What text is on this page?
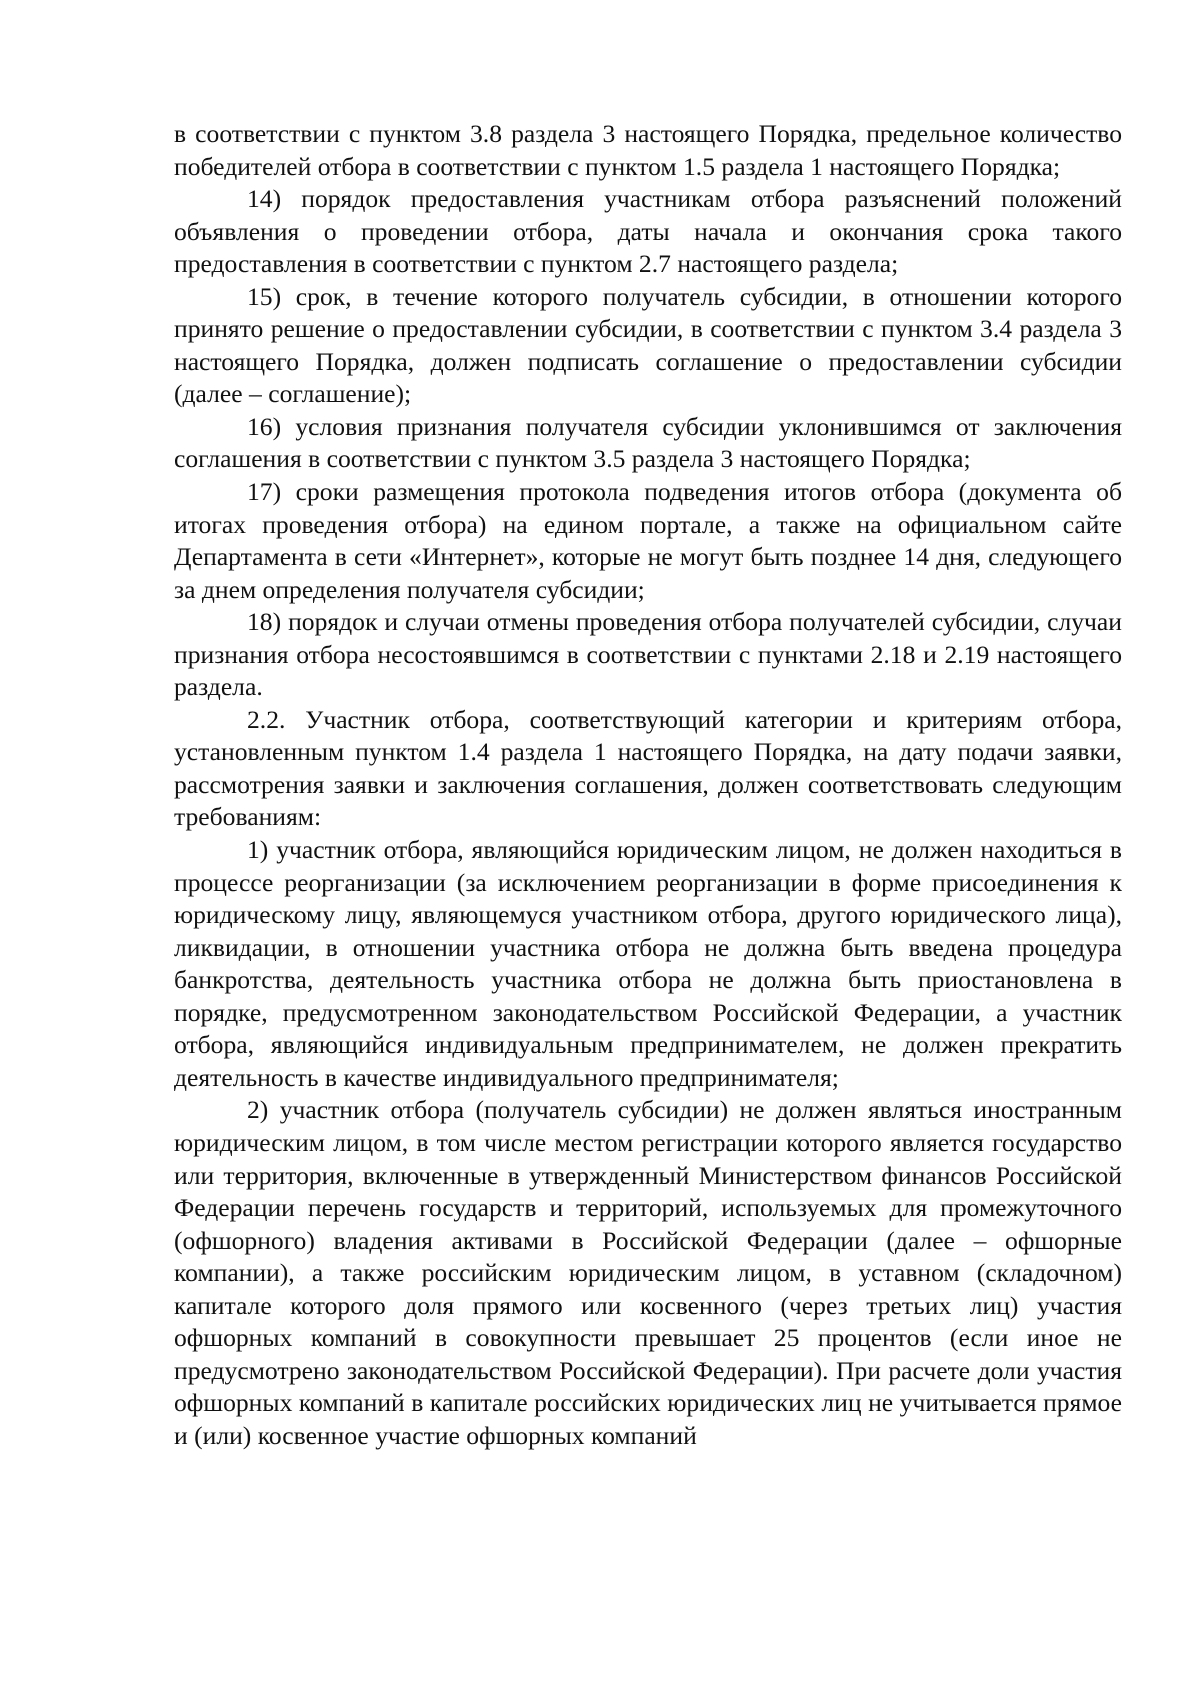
в соответствии с пунктом 3.8 раздела 3 настоящего Порядка, предельное количество победителей отбора в соответствии с пунктом 1.5 раздела 1 настоящего Порядка;

14) порядок предоставления участникам отбора разъяснений положений объявления о проведении отбора, даты начала и окончания срока такого предоставления в соответствии с пунктом 2.7 настоящего раздела;

15) срок, в течение которого получатель субсидии, в отношении которого принято решение о предоставлении субсидии, в соответствии с пунктом 3.4 раздела 3 настоящего Порядка, должен подписать соглашение о предоставлении субсидии (далее – соглашение);

16) условия признания получателя субсидии уклонившимся от заключения соглашения в соответствии с пунктом 3.5 раздела 3 настоящего Порядка;

17) сроки размещения протокола подведения итогов отбора (документа об итогах проведения отбора) на едином портале, а также на официальном сайте Департамента в сети «Интернет», которые не могут быть позднее 14 дня, следующего за днем определения получателя субсидии;

18) порядок и случаи отмены проведения отбора получателей субсидии, случаи признания отбора несостоявшимся в соответствии с пунктами 2.18 и 2.19 настоящего раздела.

2.2. Участник отбора, соответствующий категории и критериям отбора, установленным пунктом 1.4 раздела 1 настоящего Порядка, на дату подачи заявки, рассмотрения заявки и заключения соглашения, должен соответствовать следующим требованиям:

1) участник отбора, являющийся юридическим лицом, не должен находиться в процессе реорганизации (за исключением реорганизации в форме присоединения к юридическому лицу, являющемуся участником отбора, другого юридического лица), ликвидации, в отношении участника отбора не должна быть введена процедура банкротства, деятельность участника отбора не должна быть приостановлена в порядке, предусмотренном законодательством Российской Федерации, а участник отбора, являющийся индивидуальным предпринимателем, не должен прекратить деятельность в качестве индивидуального предпринимателя;

2) участник отбора (получатель субсидии) не должен являться иностранным юридическим лицом, в том числе местом регистрации которого является государство или территория, включенные в утвержденный Министерством финансов Российской Федерации перечень государств и территорий, используемых для промежуточного (офшорного) владения активами в Российской Федерации (далее – офшорные компании), а также российским юридическим лицом, в уставном (складочном) капитале которого доля прямого или косвенного (через третьих лиц) участия офшорных компаний в совокупности превышает 25 процентов (если иное не предусмотрено законодательством Российской Федерации). При расчете доли участия офшорных компаний в капитале российских юридических лиц не учитывается прямое и (или) косвенное участие офшорных компаний
